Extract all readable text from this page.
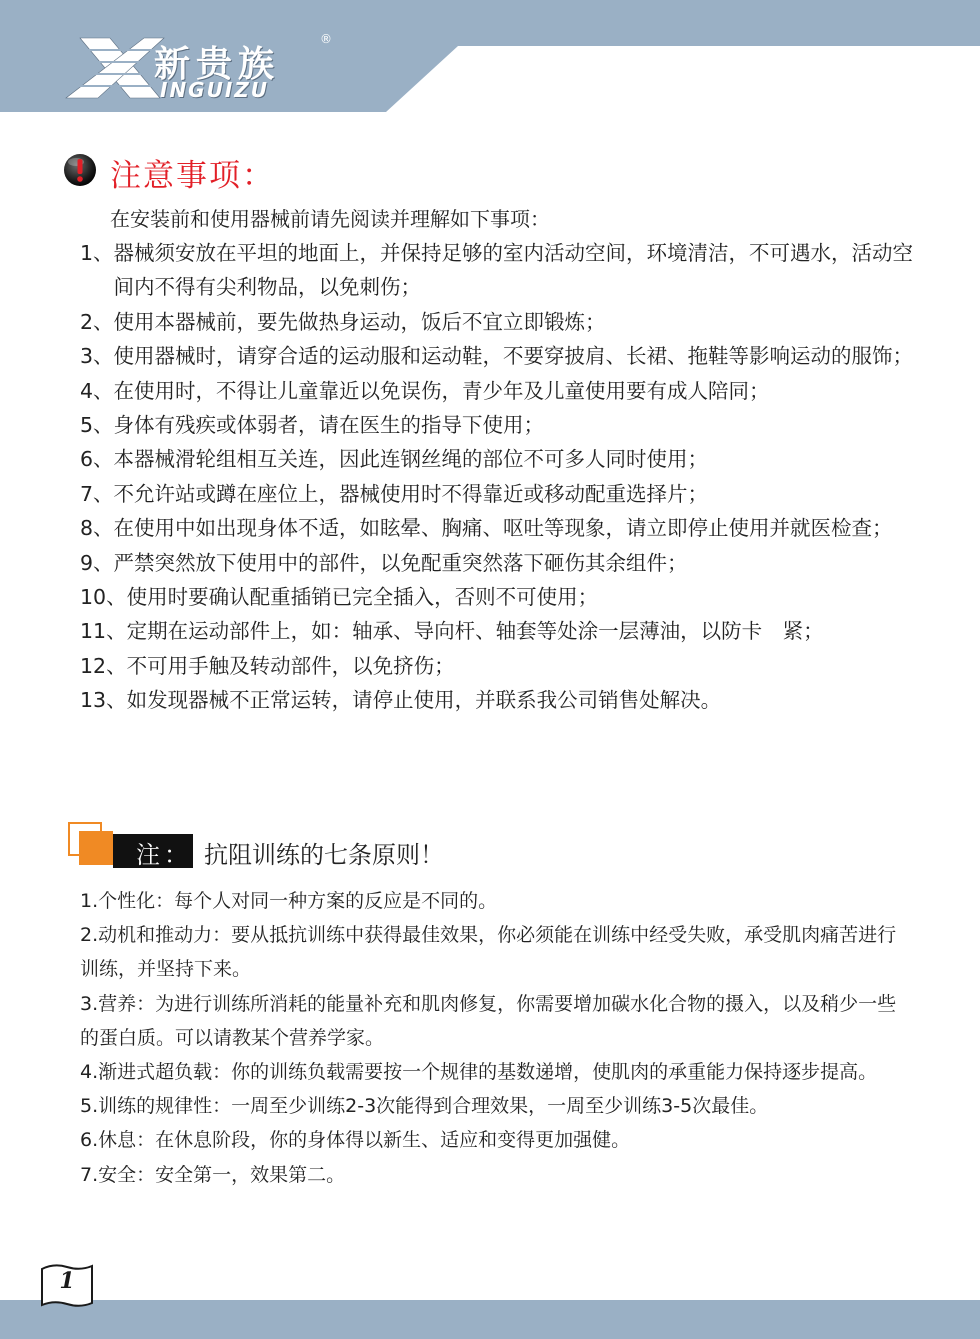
新贵族
®
INGUIZU
注意事项：
在安装前和使用器械前请先阅读并理解如下事项：
1、 器械须安放在平坦的地面上，并保持足够的室内活动空间，环境清洁，不可遇水，活动空间内不得有尖利物品，以免刺伤；
2、 使用本器械前，要先做热身运动，饭后不宜立即锻炼；
3、 使用器械时，请穿合适的运动服和运动鞋，不要穿披肩、长裙、拖鞋等影响运动的服饰；
4、 在使用时，不得让儿童靠近以免误伤，青少年及儿童使用要有成人陪同；
5、 身体有残疾或体弱者，请在医生的指导下使用；
6、 本器械滑轮组相互关连，因此连钢丝绳的部位不可多人同时使用；
7、 不允许站或蹲在座位上，器械使用时不得靠近或移动配重选择片；
8、 在使用中如出现身体不适，如眩晕、胸痛、呕吐等现象，请立即停止使用并就医检查；
9、 严禁突然放下使用中的部件，以免配重突然落下砸伤其余组件；
10、 使用时要确认配重插销已完全插入，否则不可使用；
11、 定期在运动部件上，如：轴承、导向杆、轴套等处涂一层薄油，以防卡　紧；
12、 不可用手触及转动部件，以免挤伤；
13、 如发现器械不正常运转，请停止使用，并联系我公司销售处解决。
注： 抗阻训练的七条原则！
1.个性化：每个人对同一种方案的反应是不同的。
2.动机和推动力：要从抵抗训练中获得最佳效果，你必须能在训练中经受失败，承受肌肉痛苦进行训练，并坚持下来。
3.营养：为进行训练所消耗的能量补充和肌肉修复，你需要增加碳水化合物的摄入，以及稍少一些的蛋白质。可以请教某个营养学家。
4.渐进式超负载：你的训练负载需要按一个规律的基数递增，使肌肉的承重能力保持逐步提高。
5.训练的规律性：一周至少训练2-3次能得到合理效果，一周至少训练3-5次最佳。
6.休息：在休息阶段，你的身体得以新生、适应和变得更加强健。
7.安全：安全第一，效果第二。
1
